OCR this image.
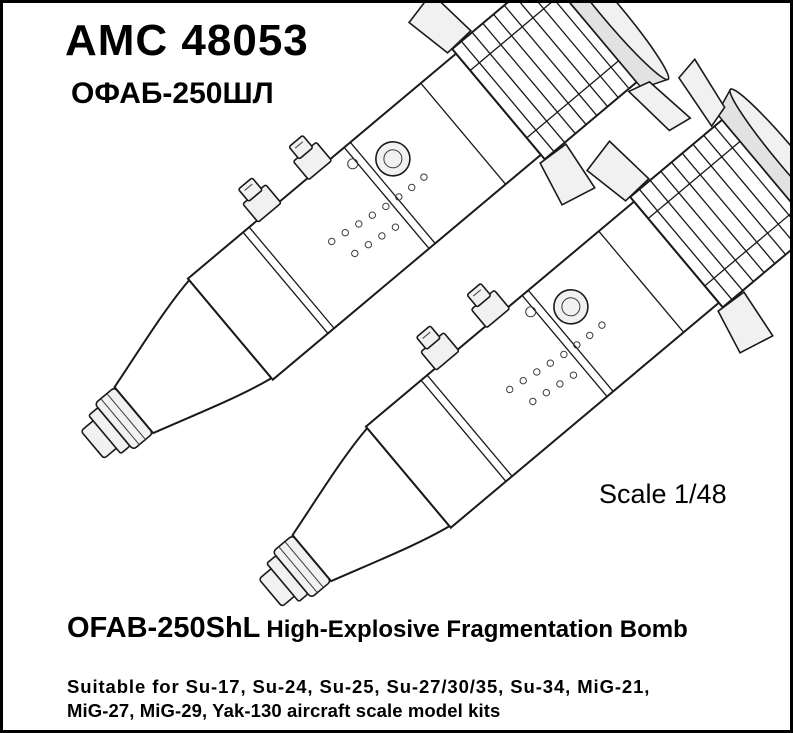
AMC 48053
ОФАБ-250ШЛ
Scale 1/48
OFAB-250ShL High-Explosive Fragmentation Bomb
Suitable for Su-17, Su-24, Su-25, Su-27/30/35, Su-34, MiG-21,
MiG-27, MiG-29, Yak-130 aircraft scale model kits
